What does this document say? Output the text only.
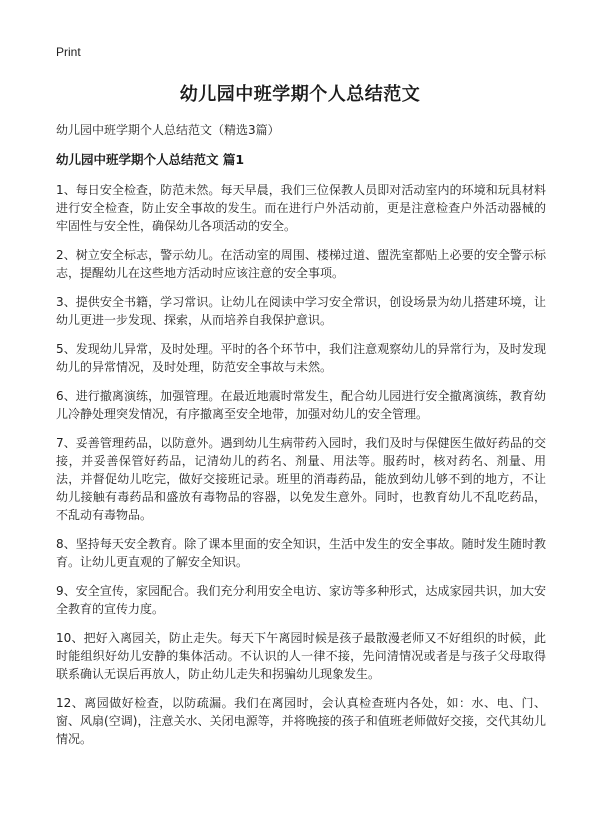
Print
幼儿园中班学期个人总结范文
幼儿园中班学期个人总结范文（精选3篇）
幼儿园中班学期个人总结范文 篇1

1、每日安全检查，防范未然。每天早晨，我们三位保教人员即对活动室内的环境和玩具材料进行安全检查，防止安全事故的发生。而在进行户外活动前，更是注意检查户外活动器械的牢固性与安全性，确保幼儿各项活动的安全。

2、树立安全标志，警示幼儿。在活动室的周围、楼梯过道、盥洗室都贴上必要的安全警示标志，提醒幼儿在这些地方活动时应该注意的安全事项。

3、提供安全书籍，学习常识。让幼儿在阅读中学习安全常识，创设场景为幼儿搭建环境，让幼儿更进一步发现、探索，从而培养自我保护意识。

5、发现幼儿异常，及时处理。平时的各个环节中，我们注意观察幼儿的异常行为，及时发现幼儿的异常情况，及时处理，防范安全事故与未然。

6、进行撤离演练，加强管理。在最近地震时常发生，配合幼儿园进行安全撤离演练，教育幼儿冷静处理突发情况，有序撤离至安全地带，加强对幼儿的安全管理。

7、妥善管理药品，以防意外。遇到幼儿生病带药入园时，我们及时与保健医生做好药品的交接，并妥善保管好药品，记清幼儿的药名、剂量、用法等。服药时，核对药名、剂量、用法，并督促幼儿吃完，做好交接班记录。班里的消毒药品，能放到幼儿够不到的地方，不让幼儿接触有毒药品和盛放有毒物品的容器，以免发生意外。同时，也教育幼儿不乱吃药品，不乱动有毒物品。

8、坚持每天安全教育。除了课本里面的安全知识，生活中发生的安全事故。随时发生随时教育。让幼儿更直观的了解安全知识。

9、安全宣传，家园配合。我们充分利用安全电访、家访等多种形式，达成家园共识，加大安全教育的宣传力度。

10、把好入离园关，防止走失。每天下午离园时候是孩子最散漫老师又不好组织的时候，此时能组织好幼儿安静的集体活动。不认识的人一律不接，先问清情况或者是与孩子父母取得联系确认无误后再放人，防止幼儿走失和拐骗幼儿现象发生。

12、离园做好检查，以防疏漏。我们在离园时，会认真检查班内各处，如：水、电、门、窗、风扇(空调)，注意关水、关闭电源等，并将晚接的孩子和值班老师做好交接，交代其幼儿情况。
